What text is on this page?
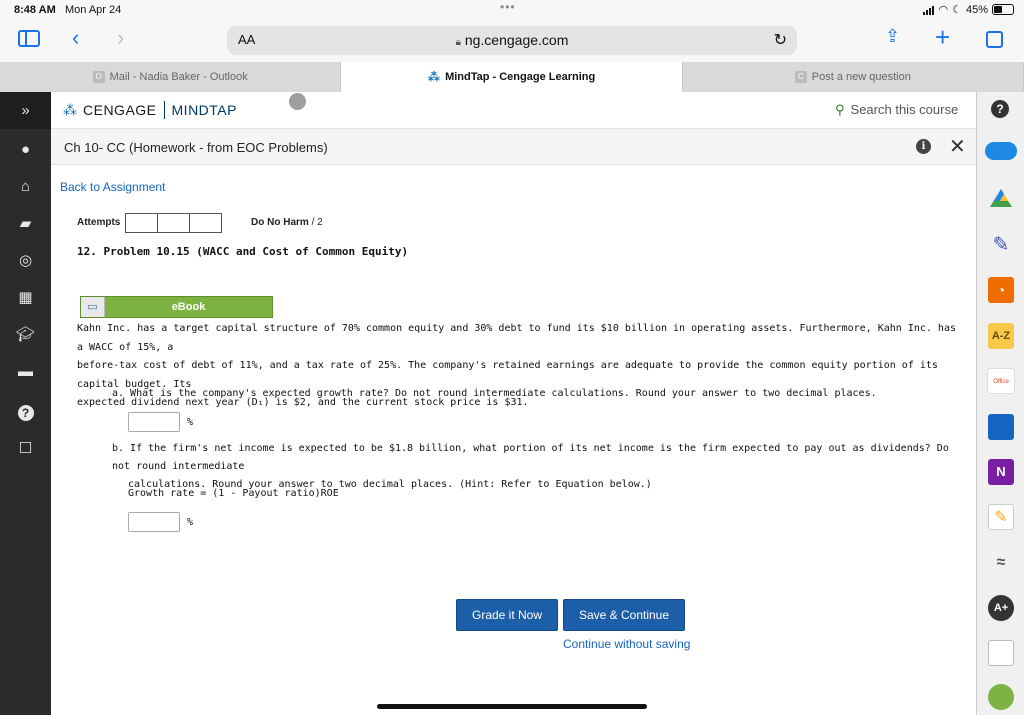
8:48 AM Mon Apr 24	•••	◠ ☾ 45%
‹ ›	AA	🔒︎ ng.cengage.com	↻	⇪ +
O Mail - Nadia Baker - Outlook	⁂ MindTap - Cengage Learning	C Post a new question
»
●
⌂
▰
◎
▦
🎓︎
▬
?
☐
⁂ CENGAGE MINDTAP	⚲ Search this course	?
✎
◔
A-Z
Office
N
✎
≈
A+
Ch 10- CC (Homework - from EOC Problems)	i ✕
Back to Assignment
Attempts	Do No Harm / 2
12. Problem 10.15 (WACC and Cost of Common Equity)
▭	eBook
Kahn Inc. has a target capital structure of 70% common equity and 30% debt to fund its $10 billion in operating assets. Furthermore, Kahn Inc. has a WACC of 15%, a
before-tax cost of debt of 11%, and a tax rate of 25%. The company's retained earnings are adequate to provide the common equity portion of its capital budget. Its
expected dividend next year (D₁) is $2, and the current stock price is $31.
a. What is the company's expected growth rate? Do not round intermediate calculations. Round your answer to two decimal places.
%
b. If the firm's net income is expected to be $1.8 billion, what portion of its net income is the firm expected to pay out as dividends? Do not round intermediate
calculations. Round your answer to two decimal places. (Hint: Refer to Equation below.)
Growth rate = (1 - Payout ratio)ROE
%
Grade it Now	Save & Continue
Continue without saving
